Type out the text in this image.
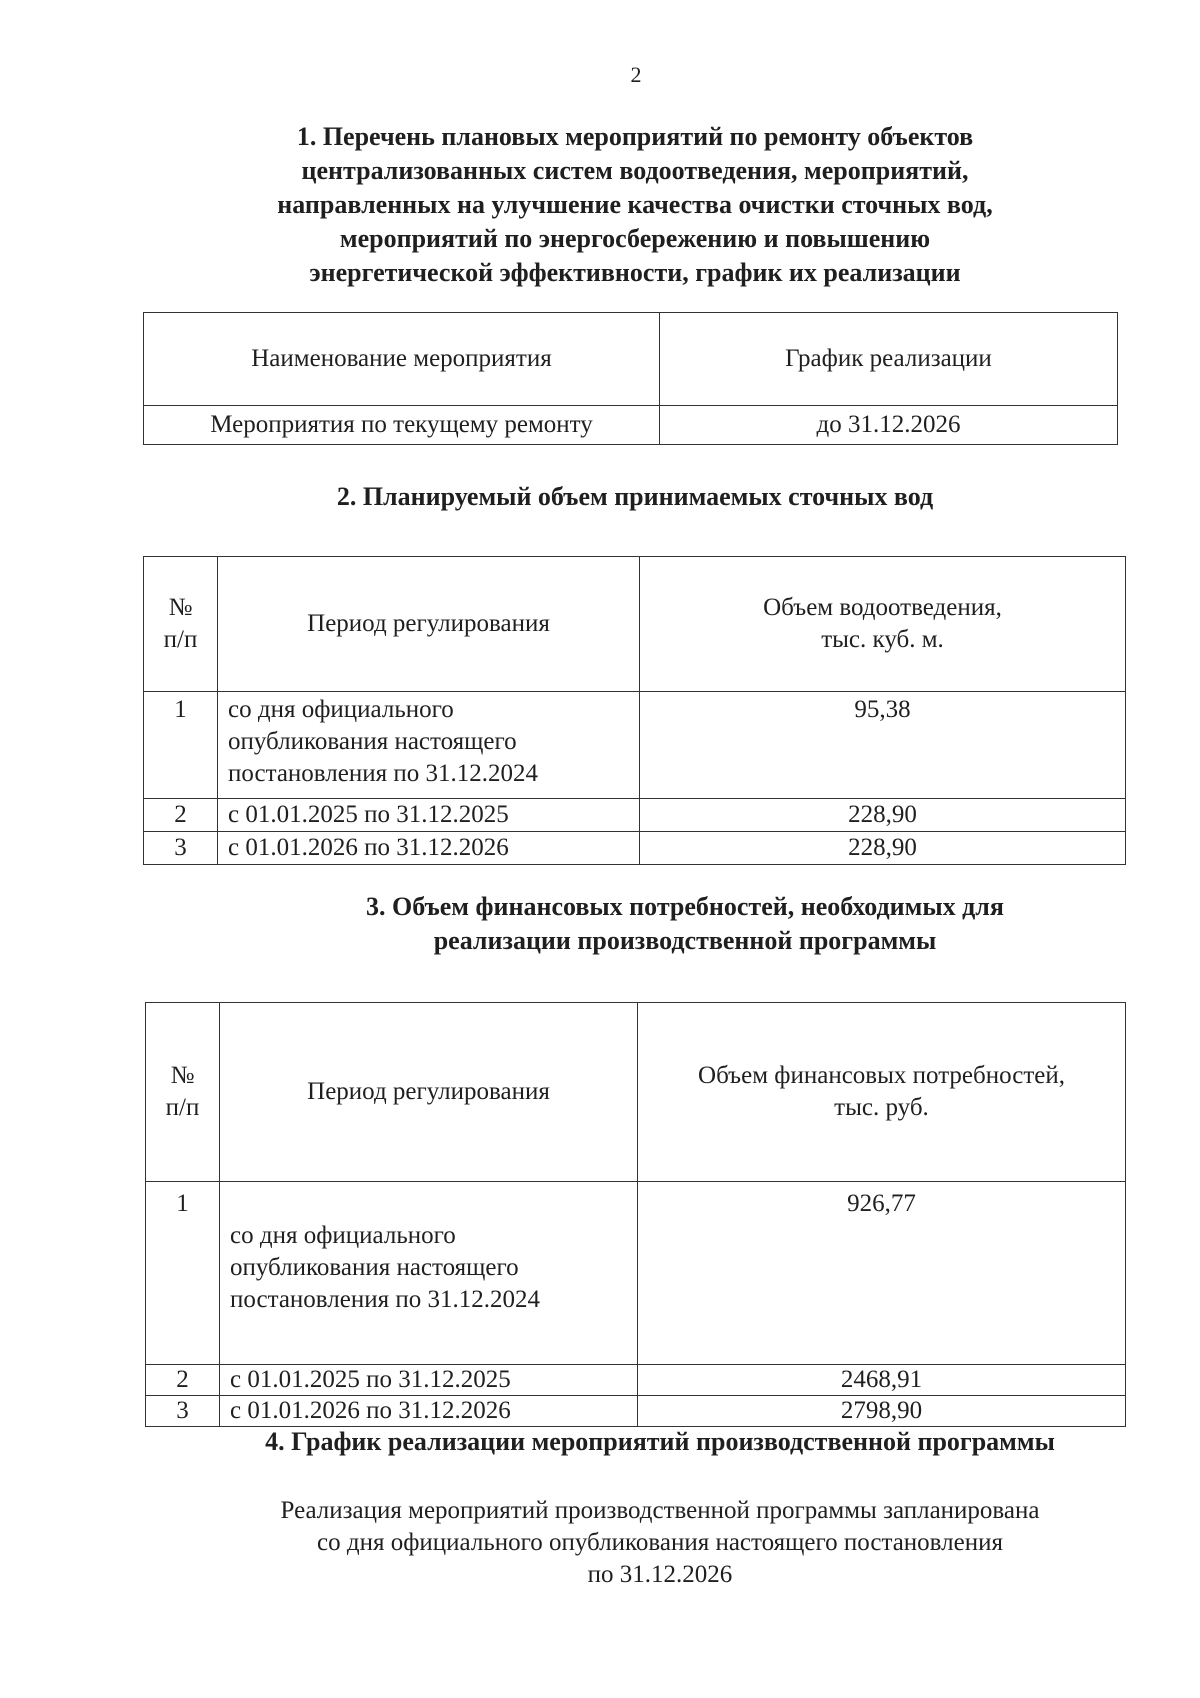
2
1. Перечень плановых мероприятий по ремонту объектов
централизованных систем водоотведения, мероприятий,
направленных на улучшение качества очистки сточных вод,
мероприятий по энергосбережению и повышению
энергетической эффективности, график их реализации
Наименование мероприятия	График реализации
Мероприятия по текущему ремонту	до 31.12.2026
2. Планируемый объем принимаемых сточных вод
№
п/п	Период регулирования	Объем водоотведения,
тыс. куб. м.
1	со дня официального
опубликования настоящего
постановления по 31.12.2024	95,38
2	с 01.01.2025 по 31.12.2025	228,90
3	с 01.01.2026 по 31.12.2026	228,90
3. Объем финансовых потребностей, необходимых для
реализации производственной программы
№
п/п	Период регулирования	Объем финансовых потребностей,
тыс. руб.
1	со дня официального
опубликования настоящего
постановления по 31.12.2024	926,77
2	с 01.01.2025 по 31.12.2025	2468,91
3	с 01.01.2026 по 31.12.2026	2798,90
4. График реализации мероприятий производственной программы
Реализация мероприятий производственной программы запланирована
со дня официального опубликования настоящего постановления
по 31.12.2026
